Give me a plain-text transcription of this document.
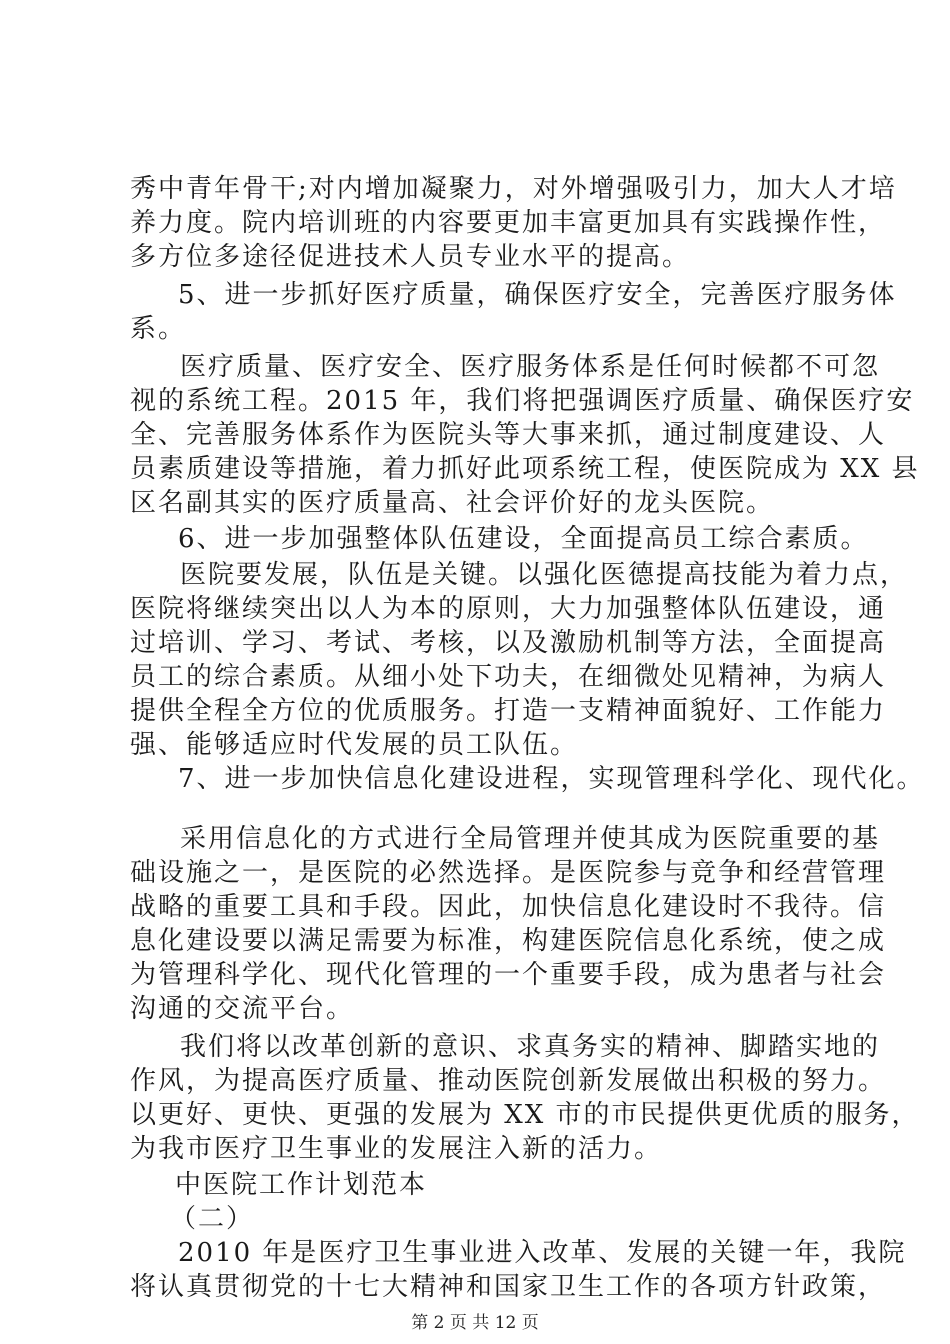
秀中青年骨干;对内增加凝聚力，对外增强吸引力，加大人才培
养力度。院内培训班的内容要更加丰富更加具有实践操作性，
多方位多途径促进技术人员专业水平的提高。
5、进一步抓好医疗质量，确保医疗安全，完善医疗服务体
系。
医疗质量、医疗安全、医疗服务体系是任何时候都不可忽
视的系统工程。2015 年，我们将把强调医疗质量、确保医疗安
全、完善服务体系作为医院头等大事来抓，通过制度建设、人
员素质建设等措施，着力抓好此项系统工程，使医院成为 XX 县
区名副其实的医疗质量高、社会评价好的龙头医院。
6、进一步加强整体队伍建设，全面提高员工综合素质。
医院要发展，队伍是关键。以强化医德提高技能为着力点，
医院将继续突出以人为本的原则，大力加强整体队伍建设，通
过培训、学习、考试、考核，以及激励机制等方法，全面提高
员工的综合素质。从细小处下功夫，在细微处见精神，为病人
提供全程全方位的优质服务。打造一支精神面貌好、工作能力
强、能够适应时代发展的员工队伍。
7、进一步加快信息化建设进程，实现管理科学化、现代化。
采用信息化的方式进行全局管理并使其成为医院重要的基
础设施之一，是医院的必然选择。是医院参与竞争和经营管理
战略的重要工具和手段。因此，加快信息化建设时不我待。信
息化建设要以满足需要为标准，构建医院信息化系统，使之成
为管理科学化、现代化管理的一个重要手段，成为患者与社会
沟通的交流平台。
我们将以改革创新的意识、求真务实的精神、脚踏实地的
作风，为提高医疗质量、推动医院创新发展做出积极的努力。
以更好、更快、更强的发展为 XX 市的市民提供更优质的服务，
为我市医疗卫生事业的发展注入新的活力。
中医院工作计划范本
（二）
2010 年是医疗卫生事业进入改革、发展的关键一年，我院
将认真贯彻党的十七大精神和国家卫生工作的各项方针政策，
第 2 页 共 12 页
